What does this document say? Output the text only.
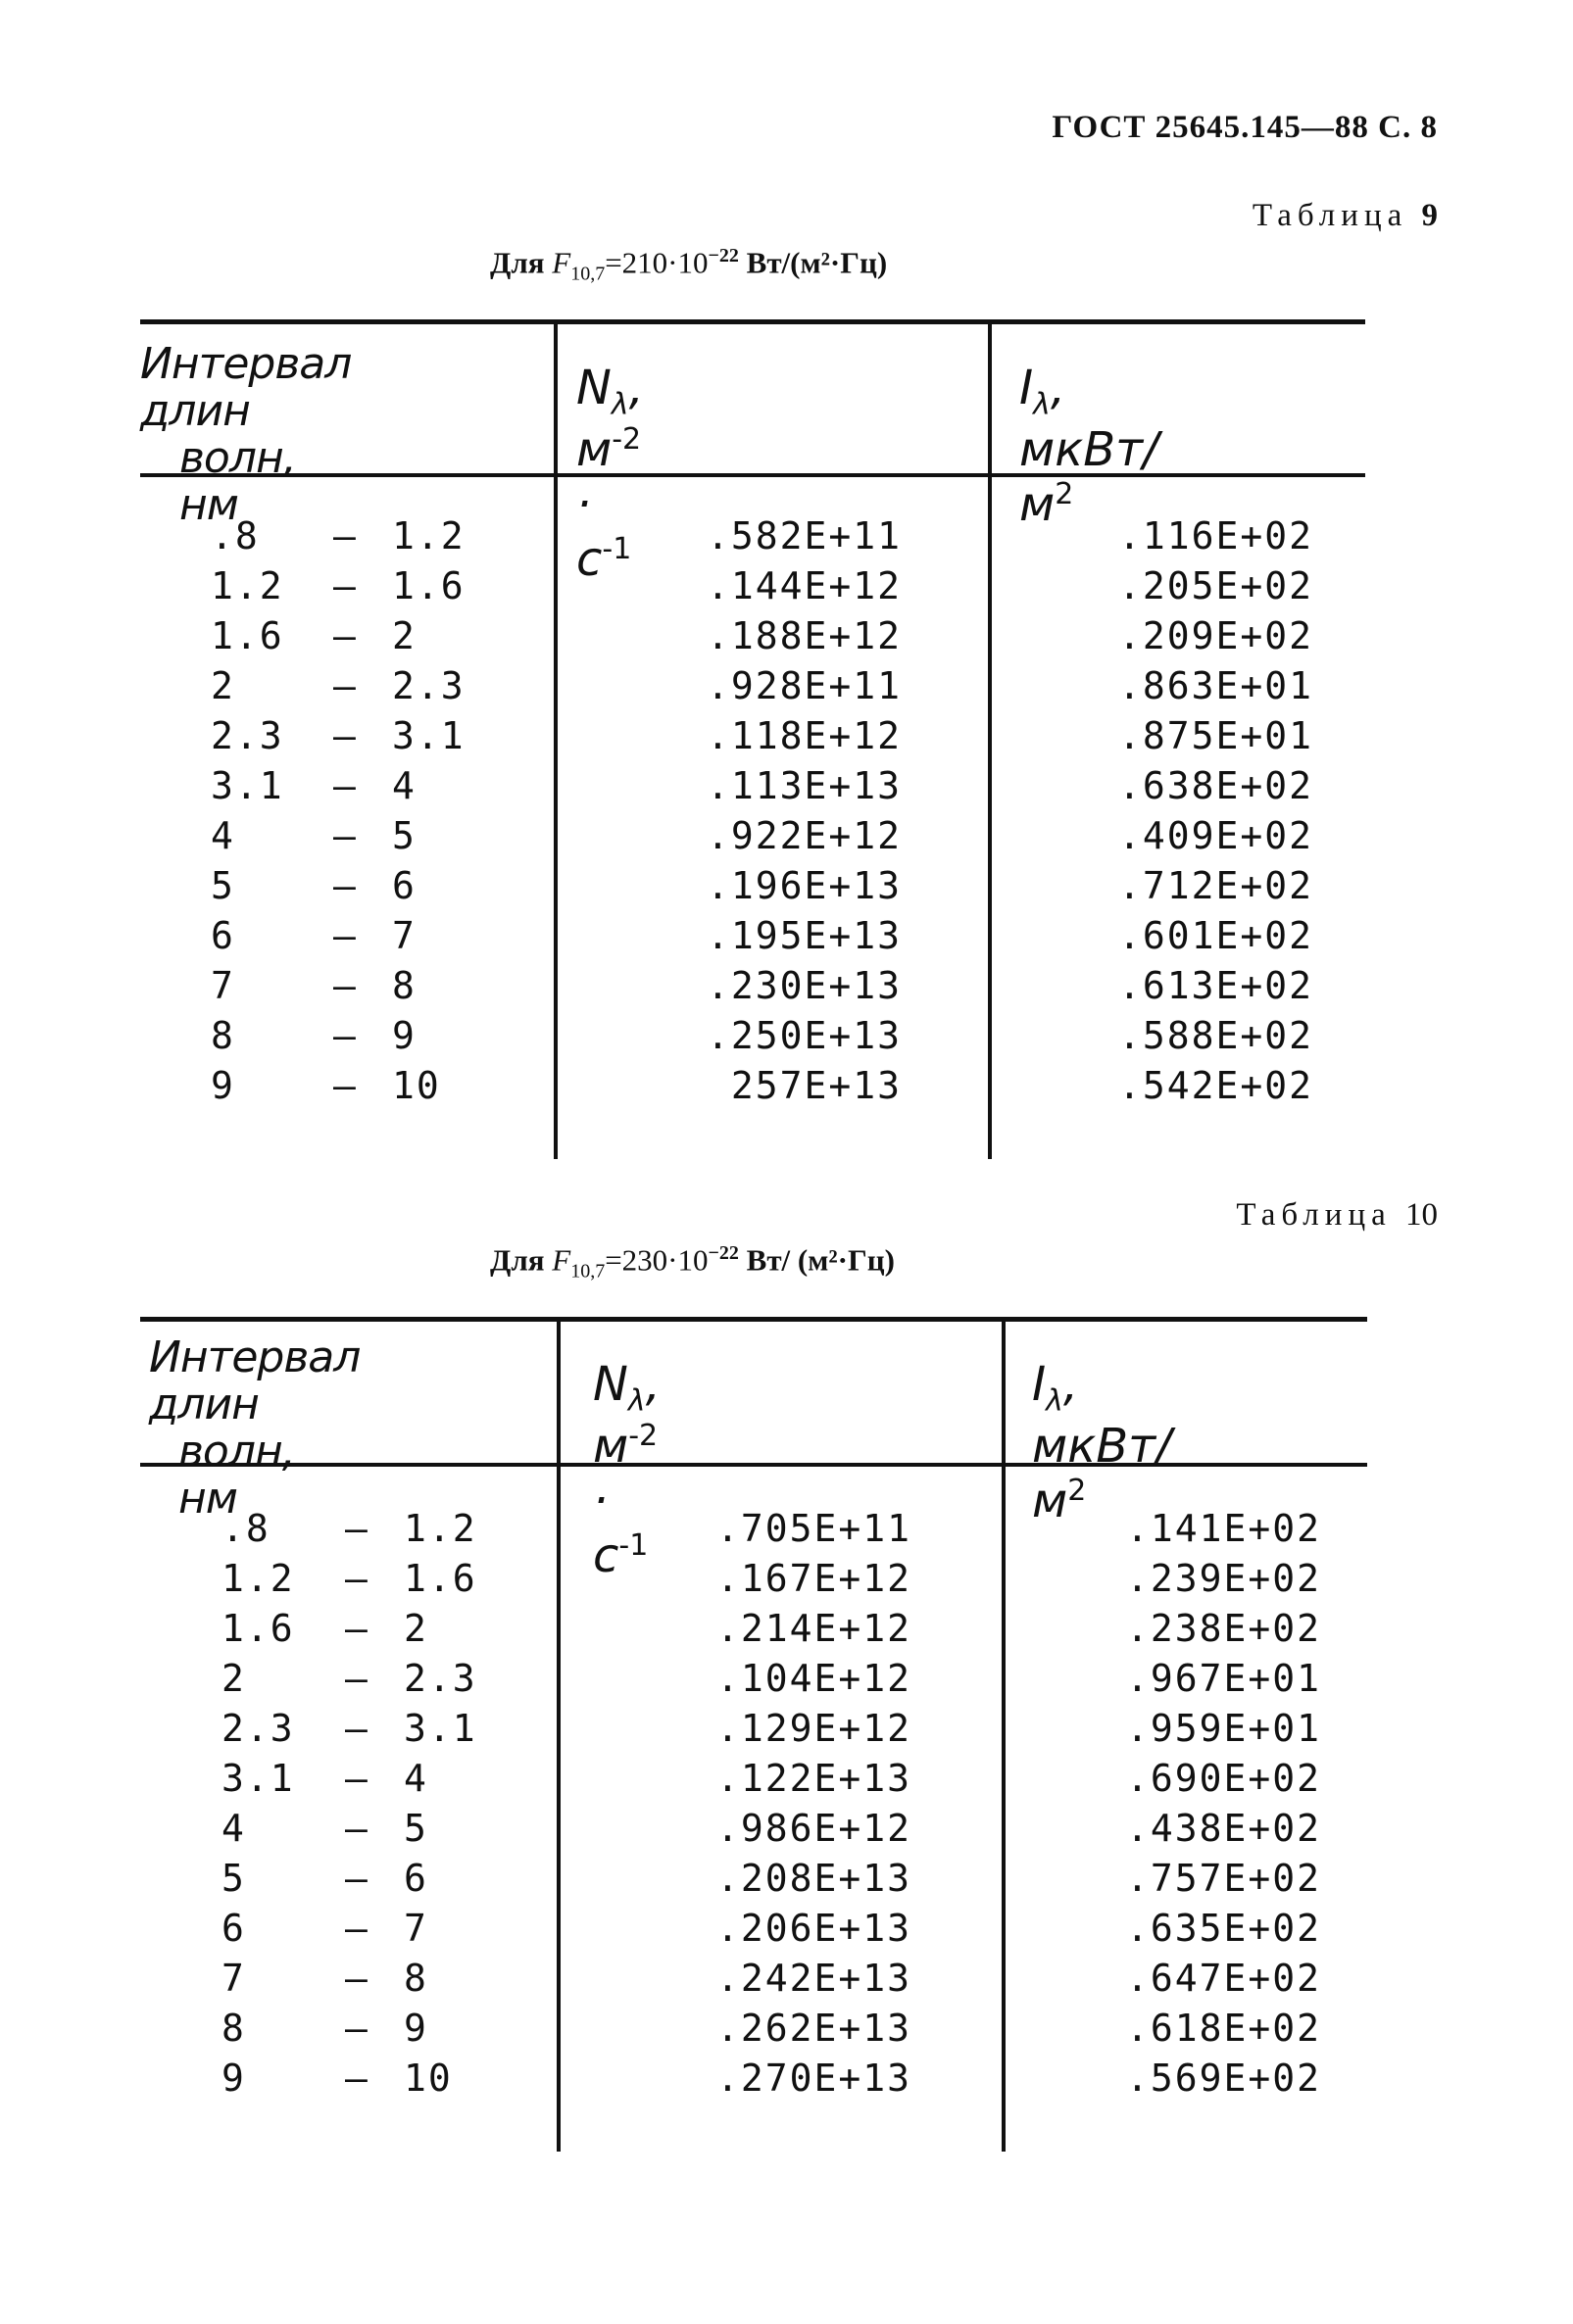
ГОСТ 25645.145—88 С. 8
Таблица 9
Для $F_{10,7}=210\cdot 10^{-22}$ Вт/(м²·Гц)
Интервал длин
волн, нм
$N_\lambda$, $м^{-2} \cdot с^{-1}$
$I_\lambda$, мкВт/$м^2$
.8
1.2
1.6
2
2.3
3.1
4
5
6
7
8
9
–
–
–
–
–
–
–
–
–
–
–
–
1.2
1.6
2
2.3
3.1
4
5
6
7
8
9
10
.582E+11
.144E+12
.188E+12
.928E+11
.118E+12
.113E+13
.922E+12
.196E+13
.195E+13
.230E+13
.250E+13
257E+13
.116E+02
.205E+02
.209E+02
.863E+01
.875E+01
.638E+02
.409E+02
.712E+02
.601E+02
.613E+02
.588E+02
.542E+02
Таблица 10
Для $F_{10,7}=230\cdot 10^{-22}$ Вт/ (м²·Гц)
Интервал длин
волн, нм
$N_\lambda$, $м^{-2} \cdot с^{-1}$
$I_\lambda$, мкВт/$м^2$
.8
1.2
1.6
2
2.3
3.1
4
5
6
7
8
9
–
–
–
–
–
–
–
–
–
–
–
–
1.2
1.6
2
2.3
3.1
4
5
6
7
8
9
10
.705E+11
.167E+12
.214E+12
.104E+12
.129E+12
.122E+13
.986E+12
.208E+13
.206E+13
.242E+13
.262E+13
.270E+13
.141E+02
.239E+02
.238E+02
.967E+01
.959E+01
.690E+02
.438E+02
.757E+02
.635E+02
.647E+02
.618E+02
.569E+02
